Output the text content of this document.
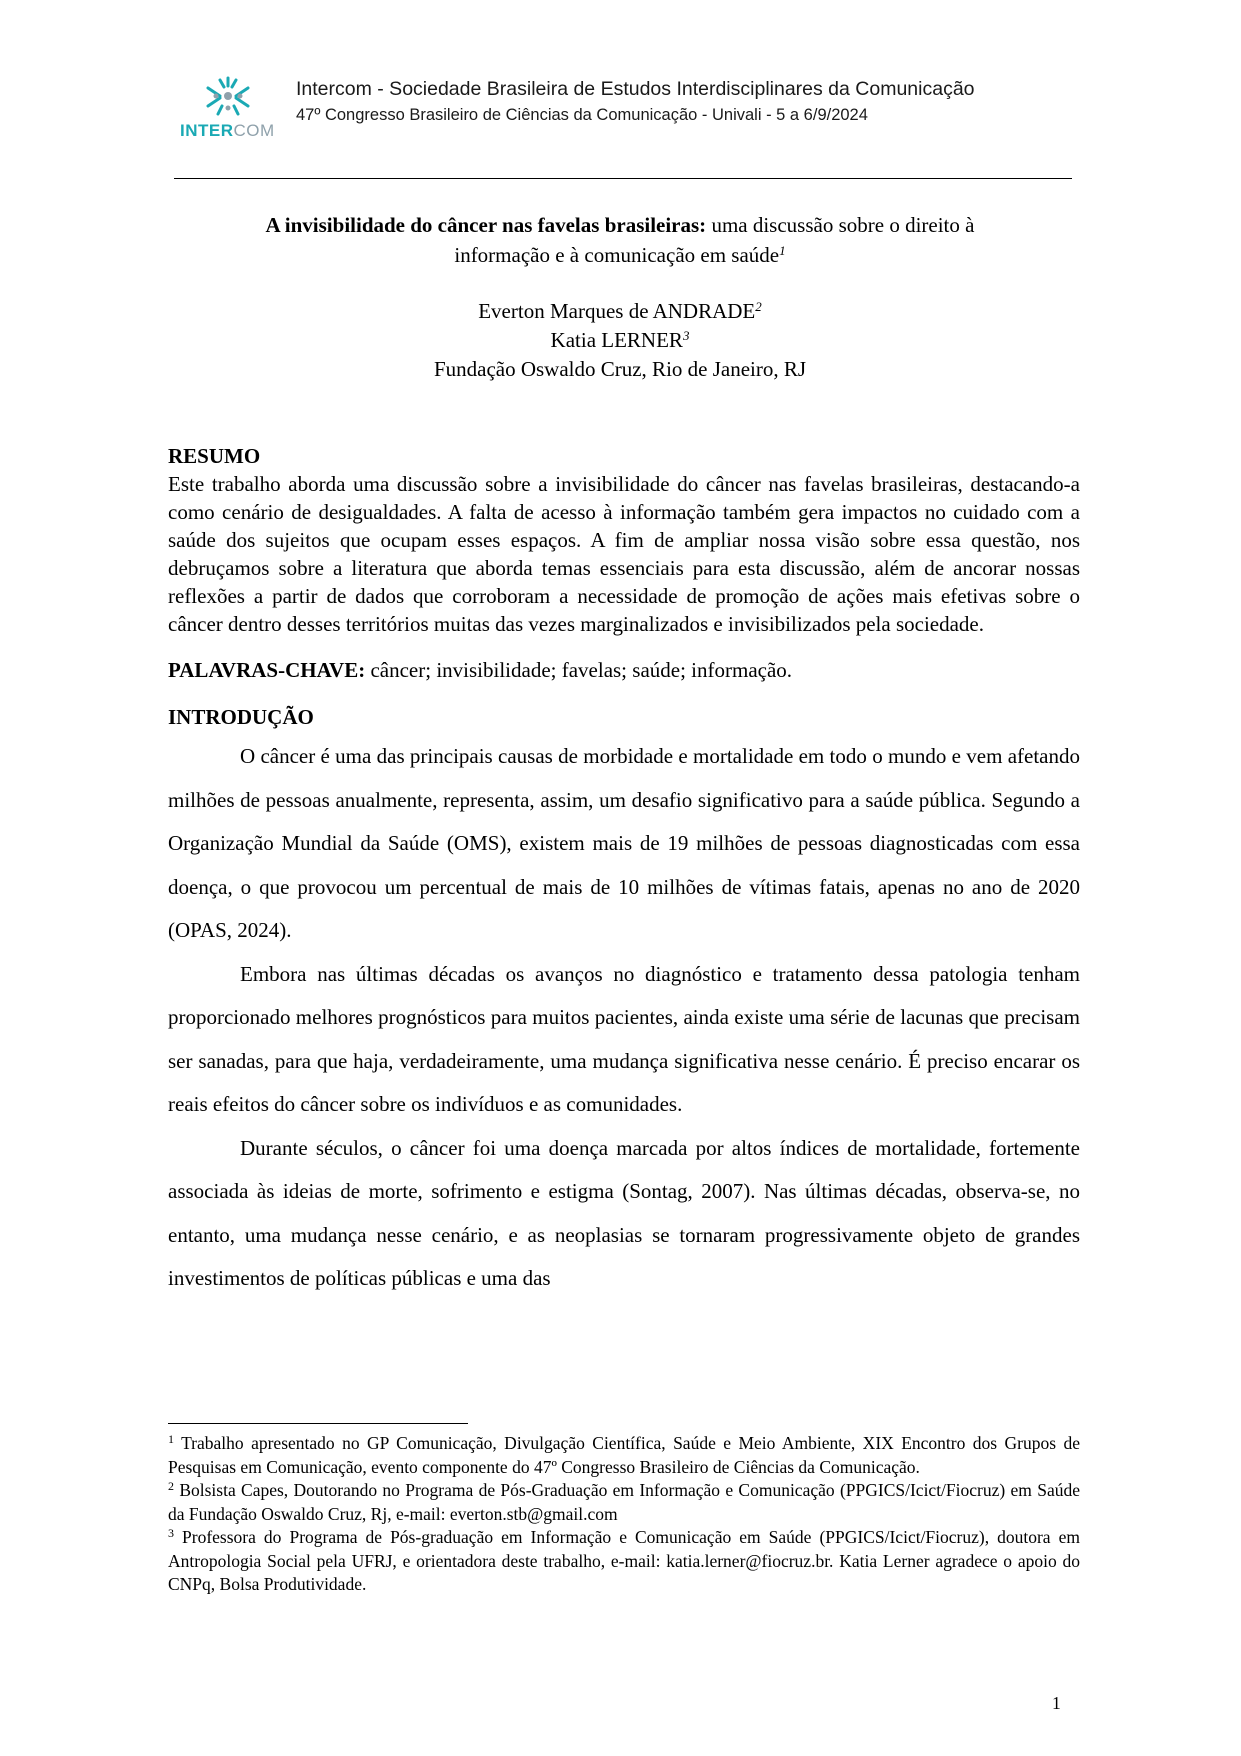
INTERCOM
Intercom - Sociedade Brasileira de Estudos Interdisciplinares da Comunicação
47º Congresso Brasileiro de Ciências da Comunicação - Univali - 5 a 6/9/2024
A invisibilidade do câncer nas favelas brasileiras: uma discussão sobre o direito à
informação e à comunicação em saúde$^1$
Everton Marques de ANDRADE$^2$
Katia LERNER$^3$
Fundação Oswaldo Cruz, Rio de Janeiro, RJ

RESUMO

Este trabalho aborda uma discussão sobre a invisibilidade do câncer nas favelas brasileiras, destacando-a como cenário de desigualdades. A falta de acesso à informação também gera impactos no cuidado com a saúde dos sujeitos que ocupam esses espaços. A fim de ampliar nossa visão sobre essa questão, nos debruçamos sobre a literatura que aborda temas essenciais para esta discussão, além de ancorar nossas reflexões a partir de dados que corroboram a necessidade de promoção de ações mais efetivas sobre o câncer dentro desses territórios muitas das vezes marginalizados e invisibilizados pela sociedade.

PALAVRAS-CHAVE: câncer; invisibilidade; favelas; saúde; informação.

INTRODUÇÃO

O câncer é uma das principais causas de morbidade e mortalidade em todo o mundo e vem afetando milhões de pessoas anualmente, representa, assim, um desafio significativo para a saúde pública. Segundo a Organização Mundial da Saúde (OMS), existem mais de 19 milhões de pessoas diagnosticadas com essa doença, o que provocou um percentual de mais de 10 milhões de vítimas fatais, apenas no ano de 2020 (OPAS, 2024).

Embora nas últimas décadas os avanços no diagnóstico e tratamento dessa patologia tenham proporcionado melhores prognósticos para muitos pacientes, ainda existe uma série de lacunas que precisam ser sanadas, para que haja, verdadeiramente, uma mudança significativa nesse cenário. É preciso encarar os reais efeitos do câncer sobre os indivíduos e as comunidades.

Durante séculos, o câncer foi uma doença marcada por altos índices de mortalidade, fortemente associada às ideias de morte, sofrimento e estigma (Sontag, 2007). Nas últimas décadas, observa-se, no entanto, uma mudança nesse cenário, e as neoplasias se tornaram progressivamente objeto de grandes investimentos de políticas públicas e uma das

$^1$ Trabalho apresentado no GP Comunicação, Divulgação Científica, Saúde e Meio Ambiente, XIX Encontro dos Grupos de Pesquisas em Comunicação, evento componente do 47º Congresso Brasileiro de Ciências da Comunicação.

$^2$ Bolsista Capes, Doutorando no Programa de Pós-Graduação em Informação e Comunicação (PPGICS/Icict/Fiocruz) em Saúde da Fundação Oswaldo Cruz, Rj, e-mail: everton.stb@gmail.com

$^3$ Professora do Programa de Pós-graduação em Informação e Comunicação em Saúde (PPGICS/Icict/Fiocruz), doutora em Antropologia Social pela UFRJ, e orientadora deste trabalho, e-mail: katia.lerner@fiocruz.br. Katia Lerner agradece o apoio do CNPq, Bolsa Produtividade.

1
